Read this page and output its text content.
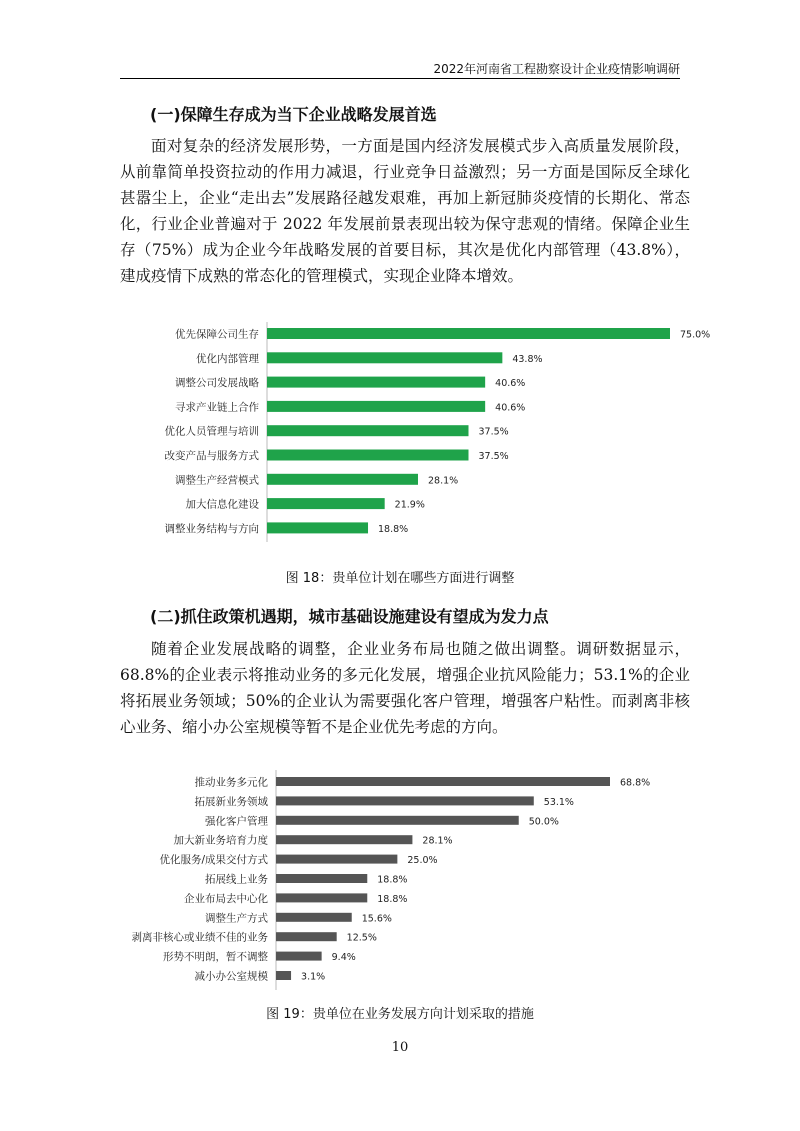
2022年河南省工程勘察设计企业疫情影响调研
(一)保障生存成为当下企业战略发展首选
面对复杂的经济发展形势，一方面是国内经济发展模式步入高质量发展阶段，从前靠简单投资拉动的作用力减退，行业竞争日益激烈；另一方面是国际反全球化甚嚣尘上，企业“走出去”发展路径越发艰难，再加上新冠肺炎疫情的长期化、常态化，行业企业普遍对于 2022 年发展前景表现出较为保守悲观的情绪。保障企业生存（75%）成为企业今年战略发展的首要目标，其次是优化内部管理（43.8%），建成疫情下成熟的常态化的管理模式，实现企业降本增效。
优先保障公司生存	75.0%
优化内部管理	43.8%
调整公司发展战略	40.6%
寻求产业链上合作	40.6%
优化人员管理与培训	37.5%
改变产品与服务方式	37.5%
调整生产经营模式	28.1%
加大信息化建设	21.9%
调整业务结构与方向	18.8%
图 18：贵单位计划在哪些方面进行调整
(二)抓住政策机遇期，城市基础设施建设有望成为发力点
随着企业发展战略的调整，企业业务布局也随之做出调整。调研数据显示，68.8%的企业表示将推动业务的多元化发展，增强企业抗风险能力；53.1%的企业将拓展业务领域；50%的企业认为需要强化客户管理，增强客户粘性。而剥离非核心业务、缩小办公室规模等暂不是企业优先考虑的方向。
推动业务多元化	68.8%
拓展新业务领域	53.1%
强化客户管理	50.0%
加大新业务培育力度	28.1%
优化服务/成果交付方式	25.0%
拓展线上业务	18.8%
企业布局去中心化	18.8%
调整生产方式	15.6%
剥离非核心或业绩不佳的业务	12.5%
形势不明朗，暂不调整	9.4%
减小办公室规模	3.1%
图 19：贵单位在业务发展方向计划采取的措施
10
